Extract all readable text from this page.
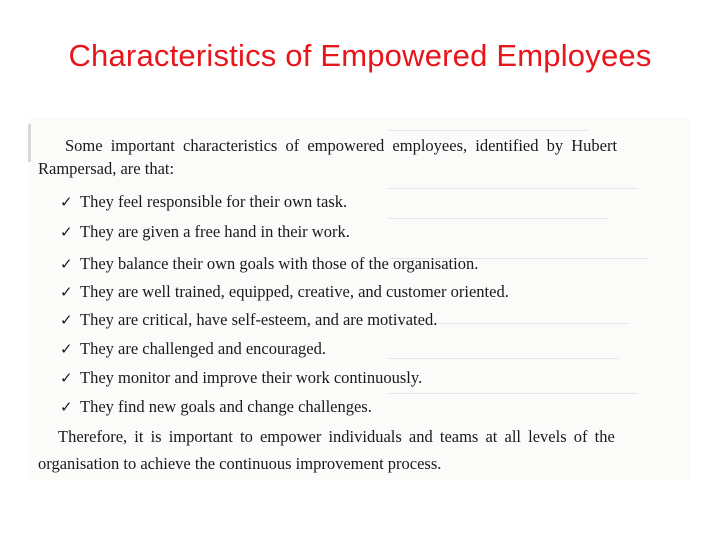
Characteristics of Empowered Employees
Some important characteristics of empowered employees, identified by Hubert
Rampersad, are that:
✓ They feel responsible for their own task.
✓ They are given a free hand in their work.
✓ They balance their own goals with those of the organisation.
✓ They are well trained, equipped, creative, and customer oriented.
✓ They are critical, have self-esteem, and are motivated.
✓ They are challenged and encouraged.
✓ They monitor and improve their work continuously.
✓ They find new goals and change challenges.
Therefore, it is important to empower individuals and teams at all levels of the
organisation to achieve the continuous improvement process.
